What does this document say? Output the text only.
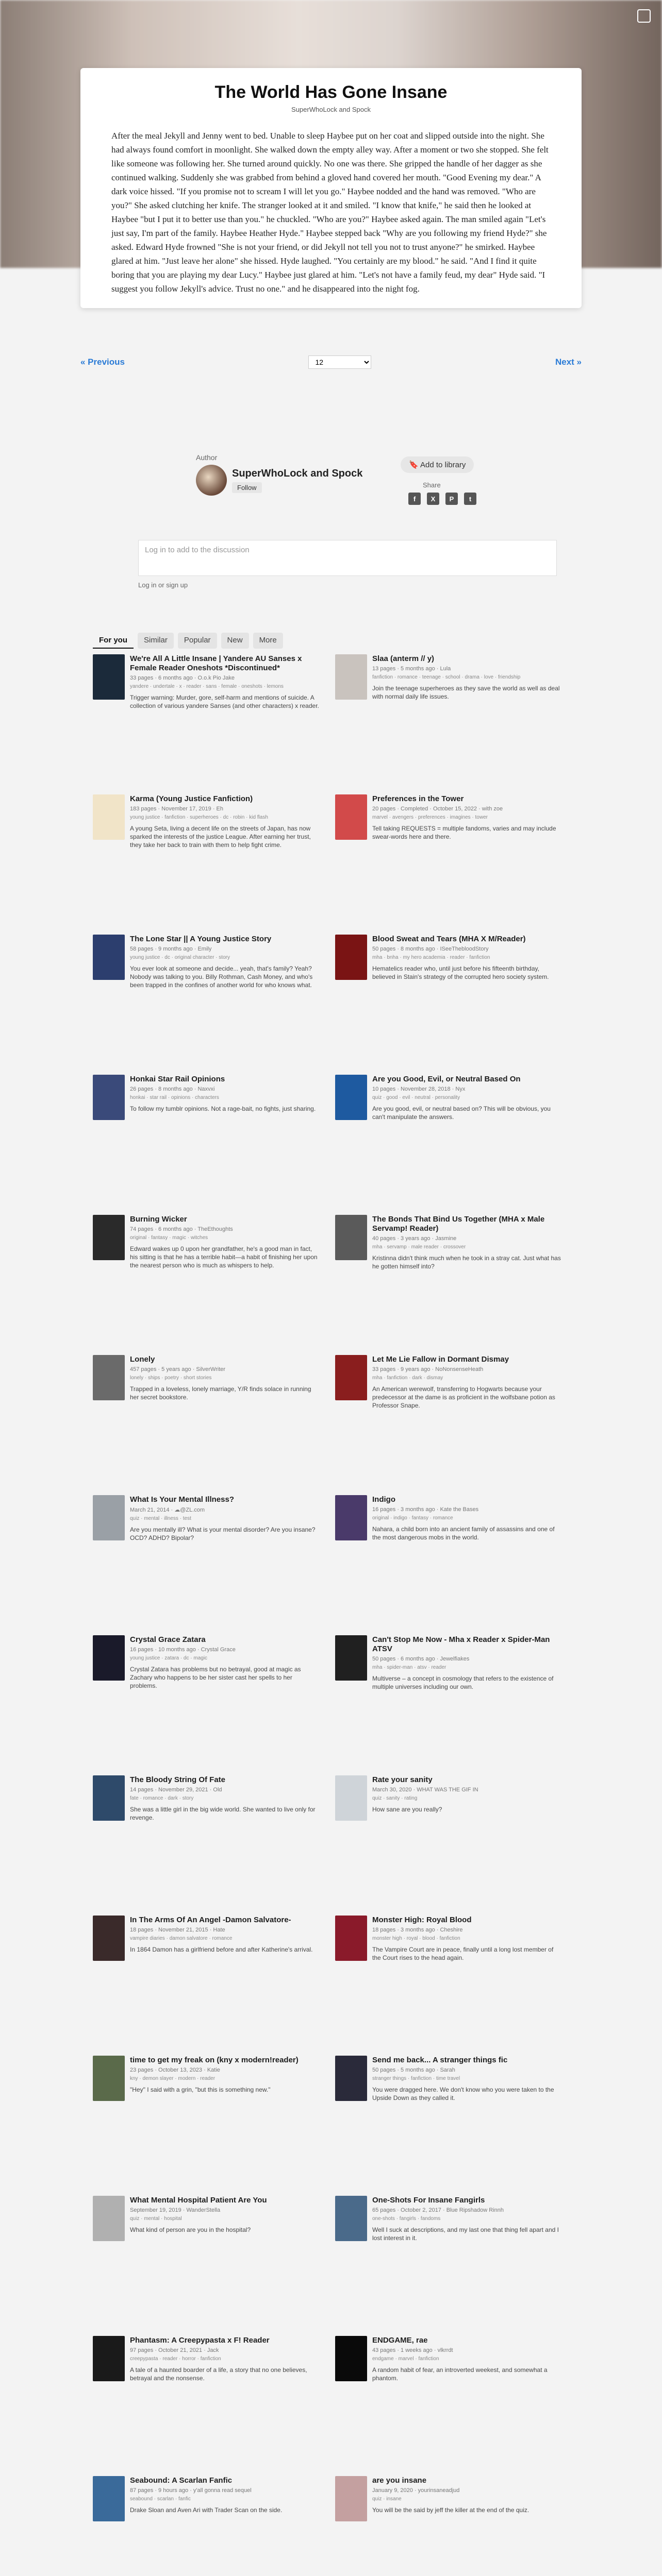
The World Has Gone Insane
SuperWhoLock and Spock

After the meal Jekyll and Jenny went to bed. Unable to sleep Haybee put on her coat and slipped outside into the night. She had always found comfort in moonlight. She walked down the empty alley way. After a moment or two she stopped. She felt like someone was following her. She turned around quickly. No one was there. She gripped the handle of her dagger as she continued walking. Suddenly she was grabbed from behind a gloved hand covered her mouth. "Good Evening my dear." A dark voice hissed. "If you promise not to scream I will let you go." Haybee nodded and the hand was removed. "Who are you?" She asked clutching her knife. The stranger looked at it and smiled. "I know that knife," he said then he looked at Haybee "but I put it to better use than you." he chuckled. "Who are you?" Haybee asked again. The man smiled again "Let's just say, I'm part of the family. Haybee Heather Hyde." Haybee stepped back "Why are you following my friend Hyde?" she asked. Edward Hyde frowned "She is not your friend, or did Jekyll not tell you not to trust anyone?" he smirked. Haybee glared at him. "Just leave her alone" she hissed. Hyde laughed. "You certainly are my blood." he said. "And I find it quite boring that you are playing my dear Lucy." Haybee just glared at him. "Let's not have a family feud, my dear" Hyde said. "I suggest you follow Jekyll's advice. Trust no one." and he disappeared into the night fog.

« Previous
12	Next »
Author
SuperWhoLock and Spock
Follow
🔖 Add to library
Share
f	X	P	t
Log in to add to the discussion
Log in or sign up
For you	Similar	Popular	New	More
We're All A Little Insane | Yandere AU Sanses x Female Reader Oneshots *Discontinued*
33 pages · 6 months ago · O.o.k Pio Jake
yandere · undertale · x · reader · sans · female · oneshots · lemons
Trigger warning: Murder, gore, self-harm and mentions of suicide. A collection of various yandere Sanses (and other characters) x reader.
Slaa (anterm // y)
13 pages · 5 months ago · Lula
fanfiction · romance · teenage · school · drama · love · friendship
Join the teenage superheroes as they save the world as well as deal with normal daily life issues.
Karma (Young Justice Fanfiction)
183 pages · November 17, 2019 · Eh
young justice · fanfiction · superheroes · dc · robin · kid flash
A young Seta, living a decent life on the streets of Japan, has now sparked the interests of the justice League. After earning her trust, they take her back to train with them to help fight crime.
Preferences in the Tower
20 pages · Completed · October 15, 2022 · with zoe
marvel · avengers · preferences · imagines · tower
Tell taking REQUESTS = multiple fandoms, varies and may include swear-words here and there.
The Lone Star || A Young Justice Story
58 pages · 9 months ago · Emily
young justice · dc · original character · story
You ever look at someone and decide... yeah, that's family? Yeah? Nobody was talking to you. Billy Rothman, Cash Money, and who's been trapped in the confines of another world for who knows what.
Blood Sweat and Tears (MHA X M/Reader)
50 pages · 8 months ago · ISeeThebloodStory
mha · bnha · my hero academia · reader · fanfiction
Hematelics reader who, until just before his fifteenth birthday, believed in Stain's strategy of the corrupted hero society system.
Honkai Star Rail Opinions
26 pages · 8 months ago · Naxvxi
honkai · star rail · opinions · characters
To follow my tumblr opinions. Not a rage-bait, no fights, just sharing.
Are you Good, Evil, or Neutral Based On
10 pages · November 28, 2018 · Nyx
quiz · good · evil · neutral · personality
Are you good, evil, or neutral based on? This will be obvious, you can't manipulate the answers.
Burning Wicker
74 pages · 6 months ago · TheEthoughts
original · fantasy · magic · witches
Edward wakes up 0 upon her grandfather, he's a good man in fact, his sitting is that he has a terrible habit—a habit of finishing her upon the nearest person who is much as whispers to help.
The Bonds That Bind Us Together (MHA x Male Servamp! Reader)
40 pages · 3 years ago · Jasmine
mha · servamp · male reader · crossover
Kristinna didn't think much when he took in a stray cat. Just what has he gotten himself into?
Lonely
457 pages · 5 years ago · SilverWriter
lonely · ships · poetry · short stories
Trapped in a loveless, lonely marriage, Y/R finds solace in running her secret bookstore.
Let Me Lie Fallow in Dormant Dismay
33 pages · 9 years ago · NoNonsenseHeath
mha · fanfiction · dark · dismay
An American werewolf, transferring to Hogwarts because your predecessor at the dame is as proficient in the wolfsbane potion as Professor Snape.
What Is Your Mental Illness?
March 21, 2014 · ☁@ZL.com
quiz · mental · illness · test
Are you mentally ill? What is your mental disorder? Are you insane? OCD? ADHD? Bipolar?
Indigo
16 pages · 3 months ago · Kate the Bases
original · indigo · fantasy · romance
Nahara, a child born into an ancient family of assassins and one of the most dangerous mobs in the world.
Crystal Grace Zatara
16 pages · 10 months ago · Crystal Grace
young justice · zatara · dc · magic
Crystal Zatara has problems but no betrayal, good at magic as Zachary who happens to be her sister cast her spells to her problems.
Can't Stop Me Now - Mha x Reader x Spider-Man ATSV
50 pages · 6 months ago · Jewelfiakes
mha · spider-man · atsv · reader
Multiverse – a concept in cosmology that refers to the existence of multiple universes including our own.
The Bloody String Of Fate
14 pages · November 29, 2021 · Old
fate · romance · dark · story
She was a little girl in the big wide world. She wanted to live only for revenge.
Rate your sanity
March 30, 2020 · WHAT WAS THE GIF IN
quiz · sanity · rating
How sane are you really?
In The Arms Of An Angel -Damon Salvatore-
18 pages · November 21, 2015 · Hate
vampire diaries · damon salvatore · romance
In 1864 Damon has a girlfriend before and after Katherine's arrival.
Monster High: Royal Blood
18 pages · 3 months ago · Cheshire
monster high · royal · blood · fanfiction
The Vampire Court are in peace, finally until a long lost member of the Court rises to the head again.
time to get my freak on (kny x modern!reader)
23 pages · October 13, 2023 · Katie
kny · demon slayer · modern · reader
"Hey" I said with a grin, "but this is something new."
Send me back... A stranger things fic
50 pages · 5 months ago · Sarah
stranger things · fanfiction · time travel
You were dragged here. We don't know who you were taken to the Upside Down as they called it.
What Mental Hospital Patient Are You
September 19, 2019 · WanderStella
quiz · mental · hospital
What kind of person are you in the hospital?
One-Shots For Insane Fangirls
65 pages · October 2, 2017 · Blue Ripshadow Rinnh
one-shots · fangirls · fandoms
Well I suck at descriptions, and my last one that thing fell apart and I lost interest in it.
Phantasm: A Creepypasta x F! Reader
97 pages · October 21, 2021 · Jack
creepypasta · reader · horror · fanfiction
A tale of a haunted boarder of a life, a story that no one believes, betrayal and the nonsense.
ENDGAME, rae
43 pages · 1 weeks ago · vlkrrdt
endgame · marvel · fanfiction
A random habit of fear, an introverted weekest, and somewhat a phantom.
Seabound: A Scarlan Fanfic
87 pages · 9 hours ago · y'all gonna read sequel
seabound · scarlan · fanfic
Drake Sloan and Aven Ari with Trader Scan on the side.
are you insane
January 9, 2020 · yourinsaneadjud
quiz · insane
You will be the said by jeff the killer at the end of the quiz.
